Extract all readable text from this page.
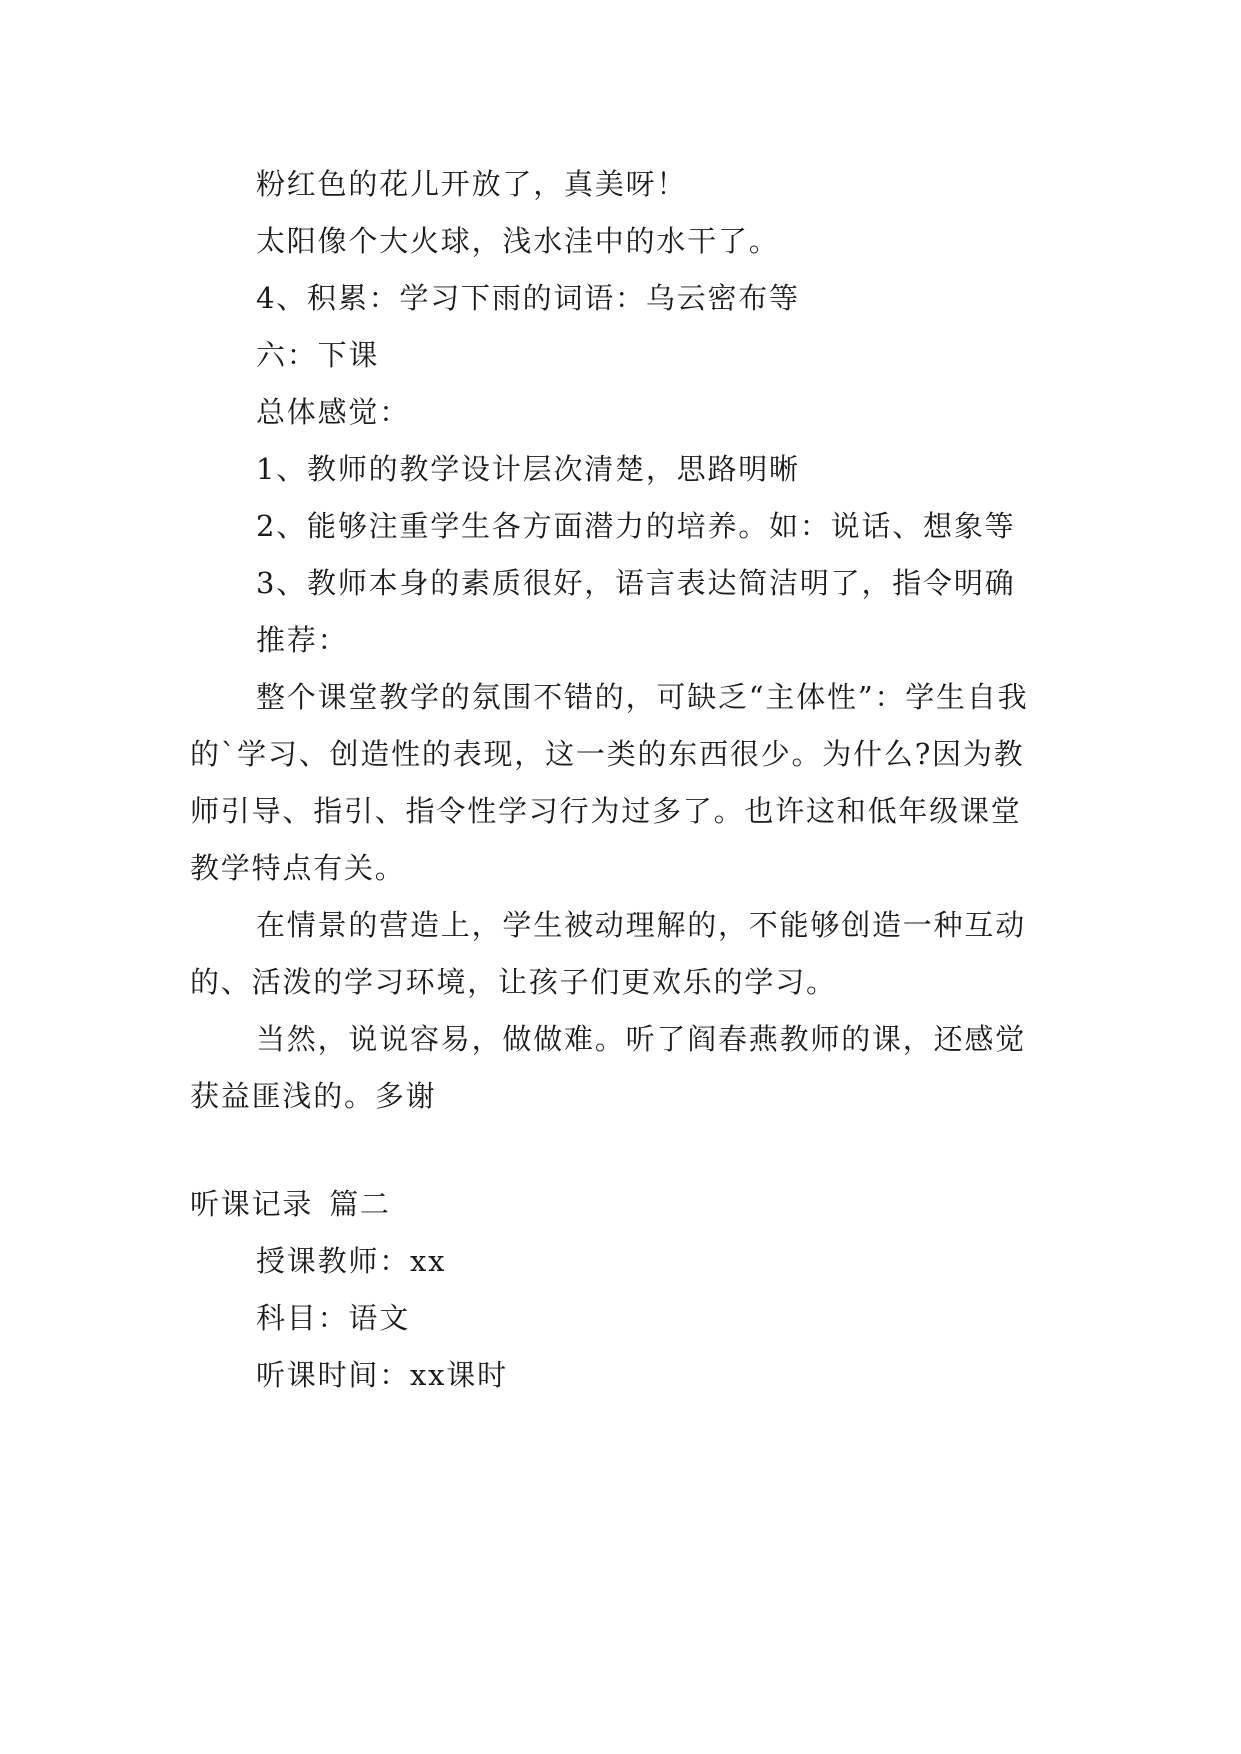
粉红色的花儿开放了，真美呀！

太阳像个大火球，浅水洼中的水干了。

4、积累：学习下雨的词语：乌云密布等

六：下课

总体感觉：

1、教师的教学设计层次清楚，思路明晰

2、能够注重学生各方面潜力的培养。如：说话、想象等

3、教师本身的素质很好，语言表达简洁明了，指令明确

推荐：

整个课堂教学的氛围不错的，可缺乏“主体性”：学生自我的`学习、创造性的表现，这一类的东西很少。为什么?因为教师引导、指引、指令性学习行为过多了。也许这和低年级课堂教学特点有关。

在情景的营造上，学生被动理解的，不能够创造一种互动的、活泼的学习环境，让孩子们更欢乐的学习。

当然，说说容易，做做难。听了阎春燕教师的课，还感觉获益匪浅的。多谢

听课记录 篇二

授课教师：xx

科目：语文

听课时间：xx课时
